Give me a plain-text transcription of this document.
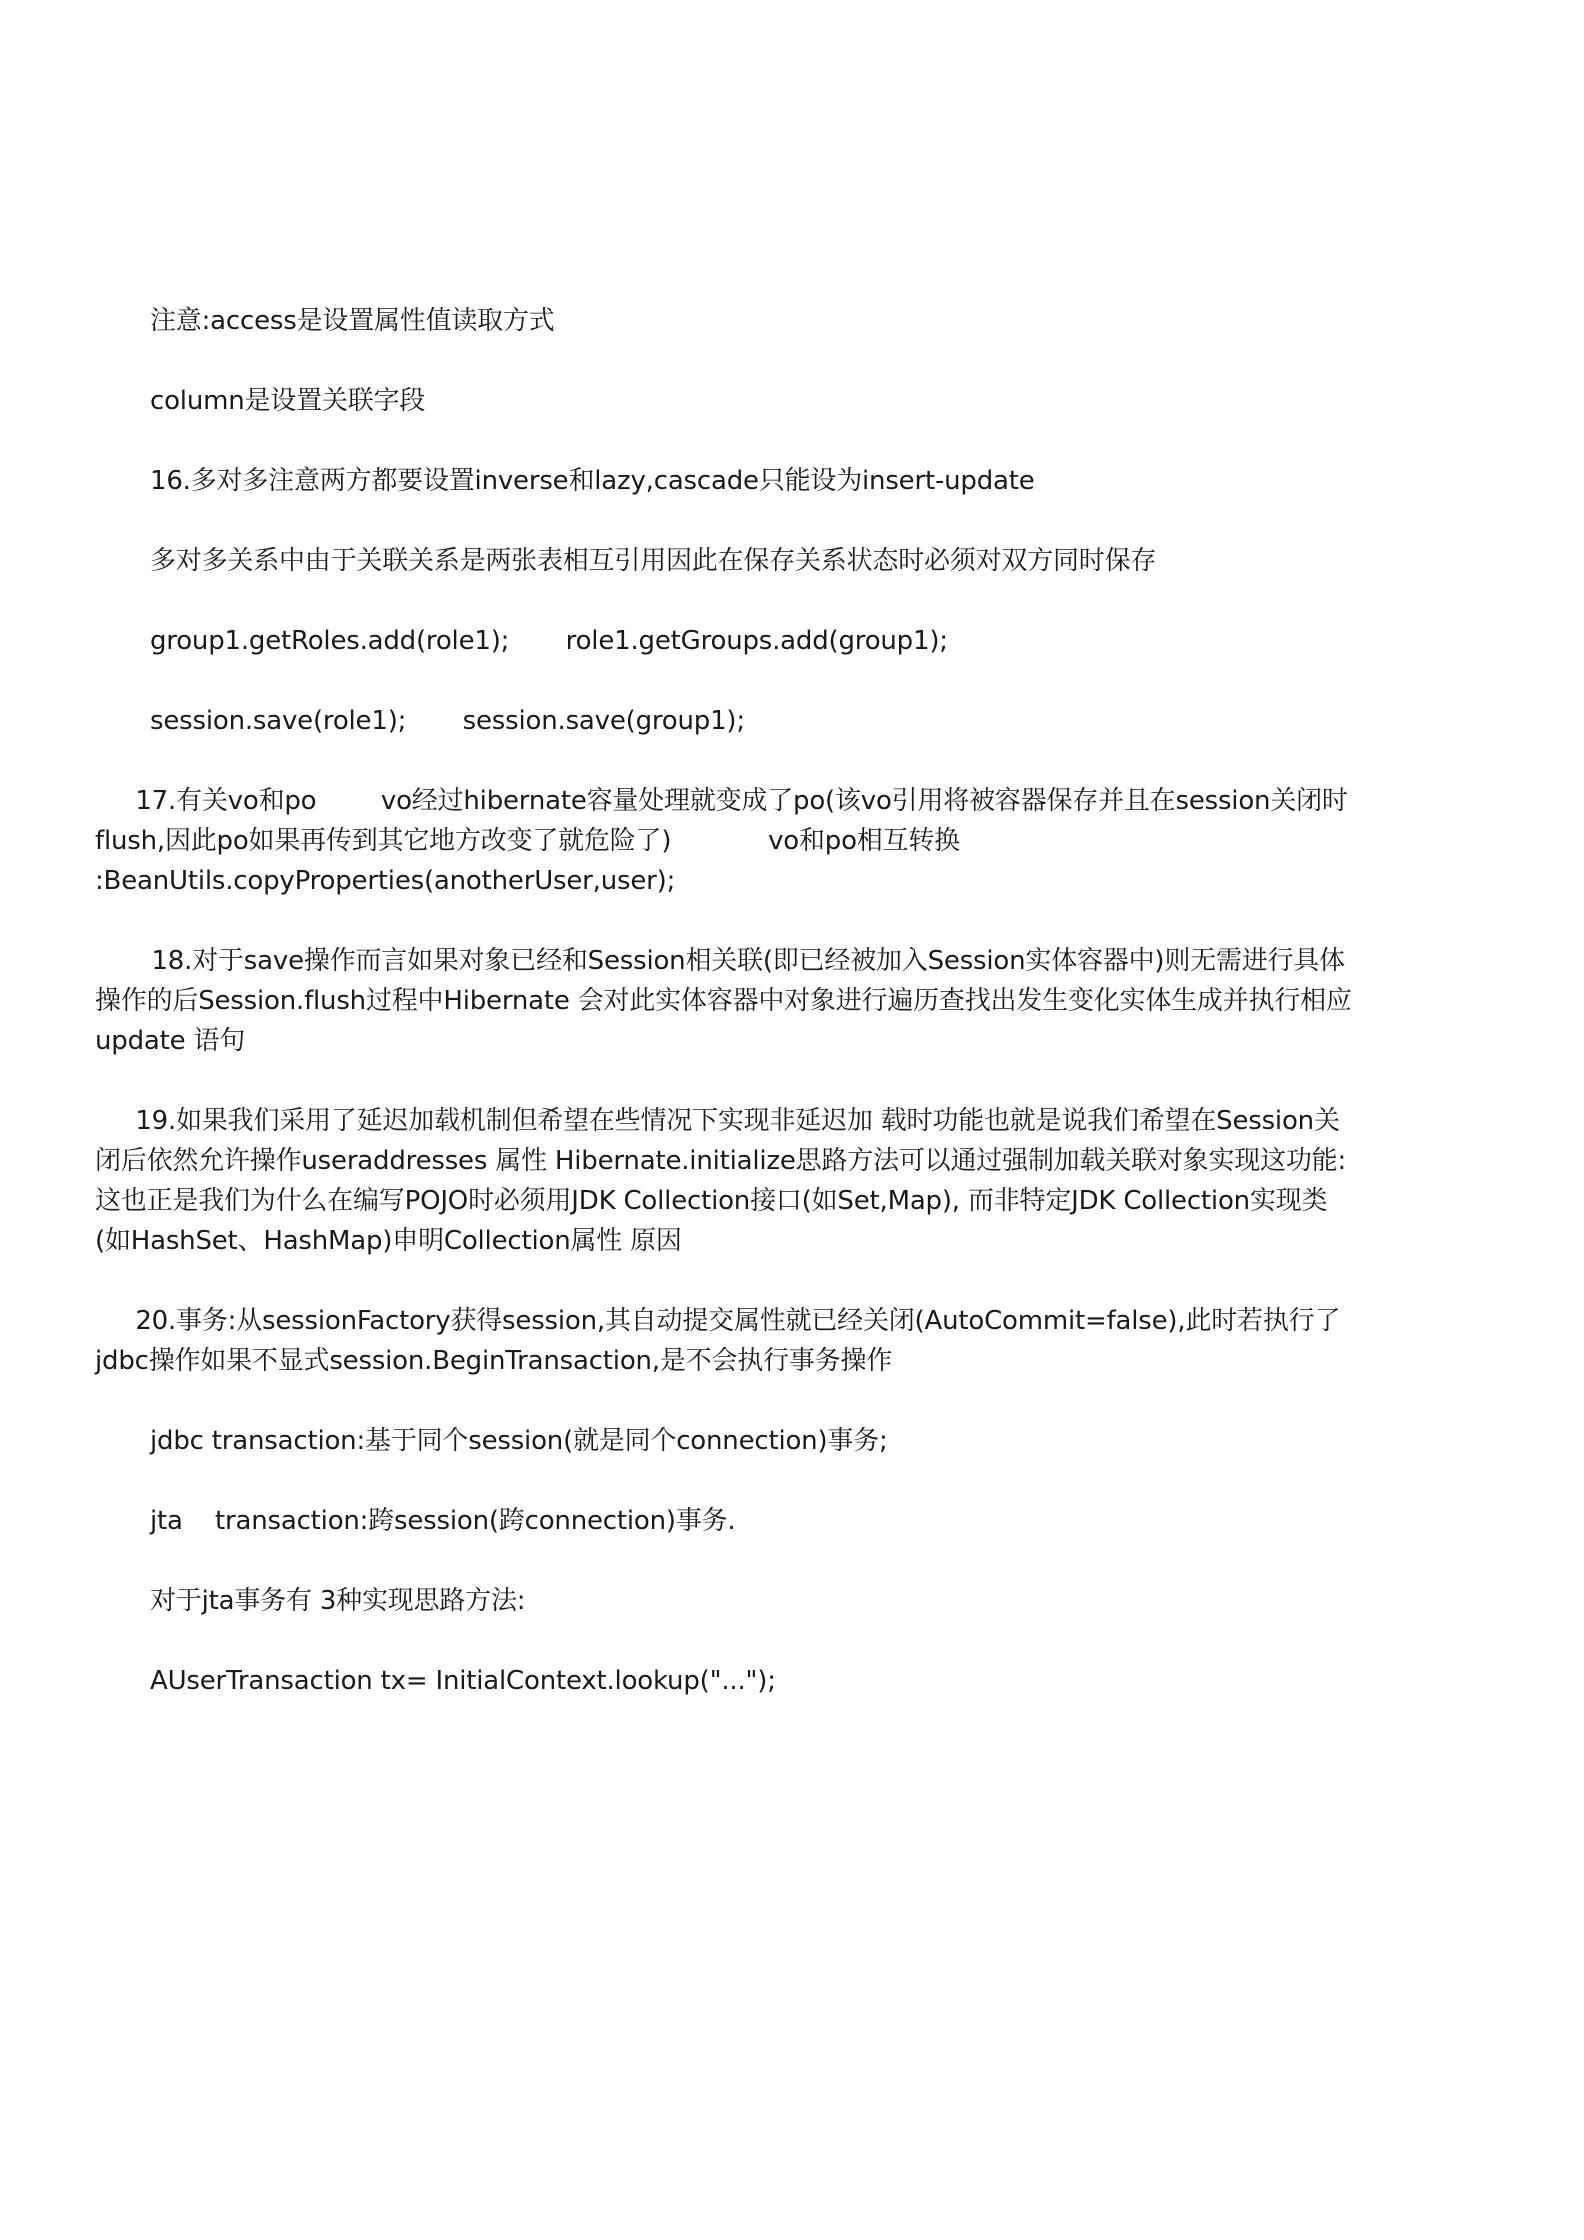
注意:access是设置属性值读取方式
column是设置关联字段
16.多对多注意两方都要设置inverse和lazy,cascade只能设为insert-update
多对多关系中由于关联关系是两张表相互引用因此在保存关系状态时必须对双方同时保存
group1.getRoles.add(role1);       role1.getGroups.add(group1);
session.save(role1);       session.save(group1);
17.有关vo和po        vo经过hibernate容量处理就变成了po(该vo引用将被容器保存并且在session关闭时
flush,因此po如果再传到其它地方改变了就危险了)            vo和po相互转换
:BeanUtils.copyProperties(anotherUser,user);
18.对于save操作而言如果对象已经和Session相关联(即已经被加入Session实体容器中)则无需进行具体
操作的后Session.flush过程中Hibernate 会对此实体容器中对象进行遍历查找出发生变化实体生成并执行相应
update 语句
19.如果我们采用了延迟加载机制但希望在些情况下实现非延迟加 载时功能也就是说我们希望在Session关
闭后依然允许操作useraddresses 属性 Hibernate.initialize思路方法可以通过强制加载关联对象实现这功能:
这也正是我们为什么在编写POJO时必须用JDK Collection接口(如Set,Map), 而非特定JDK Collection实现类
(如HashSet、HashMap)申明Collection属性 原因
20.事务:从sessionFactory获得session,其自动提交属性就已经关闭(AutoCommit=false),此时若执行了
jdbc操作如果不显式session.BeginTransaction,是不会执行事务操作
jdbc transaction:基于同个session(就是同个connection)事务;
jta    transaction:跨session(跨connection)事务.
对于jta事务有 3种实现思路方法:
AUserTransaction tx= InitialContext.lookup("...");
